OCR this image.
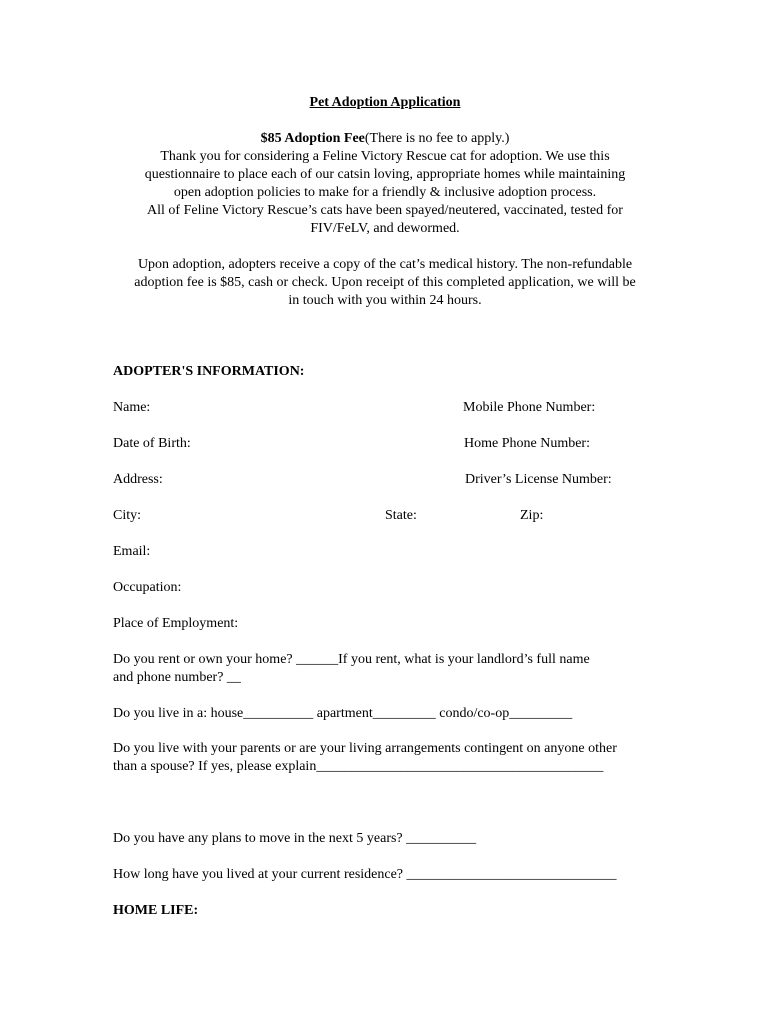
Pet Adoption Application
$85 Adoption Fee(There is no fee to apply.)
Thank you for considering a Feline Victory Rescue cat for adoption. We use this
questionnaire to place each of our catsin loving, appropriate homes while maintaining
open adoption policies to make for a friendly & inclusive adoption process.
All of Feline Victory Rescue’s cats have been spayed/neutered, vaccinated, tested for
FIV/FeLV, and dewormed.
Upon adoption, adopters receive a copy of the cat’s medical history. The non-refundable
adoption fee is $85, cash or check. Upon receipt of this completed application, we will be
in touch with you within 24 hours.
ADOPTER'S INFORMATION:
Name:	Mobile Phone Number:
Date of Birth:	Home Phone Number:
Address:	Driver’s License Number:
City:	State:	Zip:
Email:
Occupation:
Place of Employment:
Do you rent or own your home? ______If you rent, what is your landlord’s full name
and phone number? __
Do you live in a: house__________ apartment_________ condo/co-op_________
Do you live with your parents or are your living arrangements contingent on anyone other
than a spouse? If yes, please explain_________________________________________
Do you have any plans to move in the next 5 years? __________
How long have you lived at your current residence? ______________________________
HOME LIFE:
